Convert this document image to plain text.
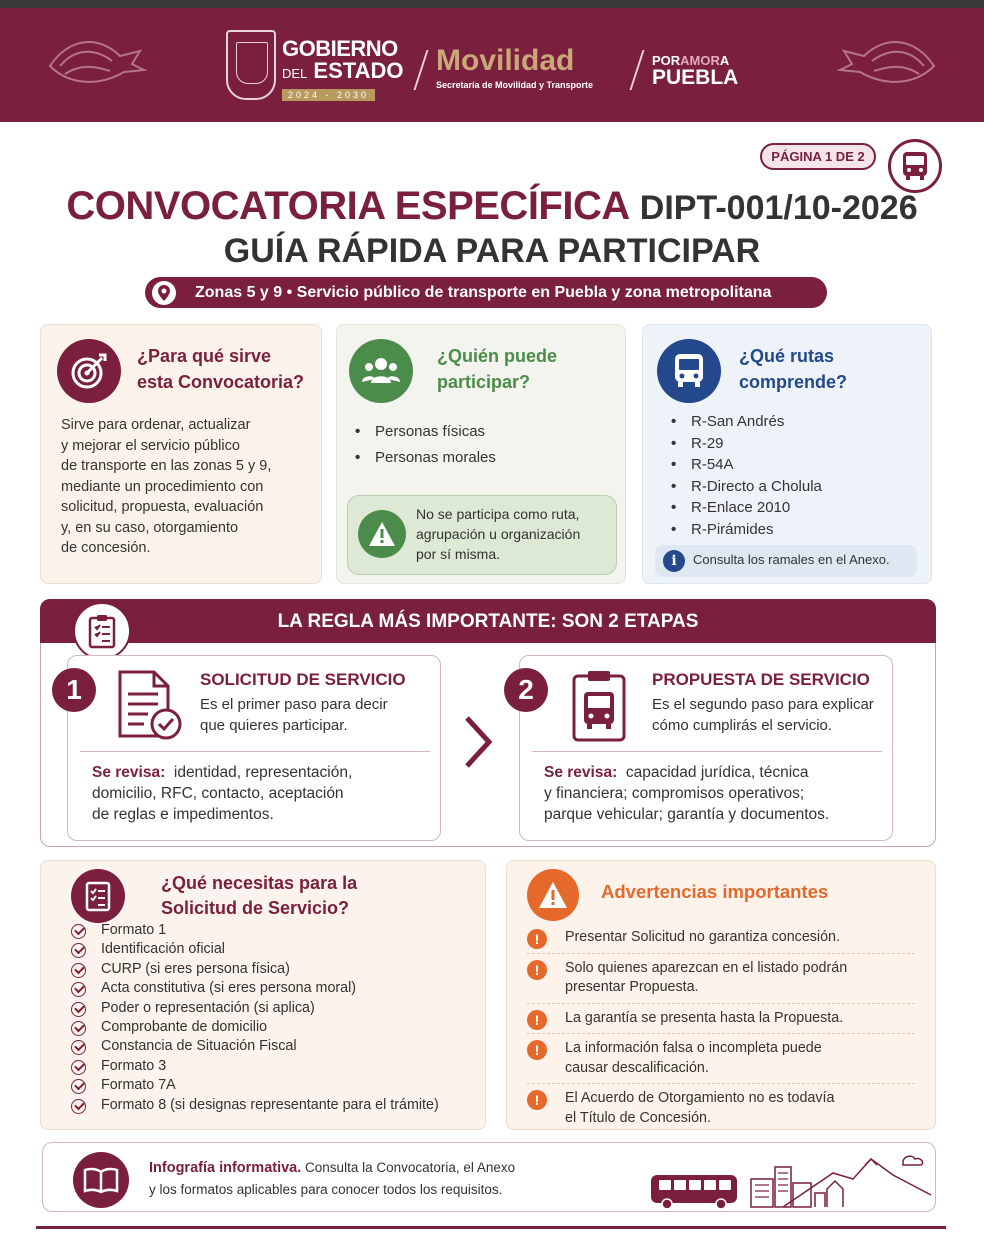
GOBIERNO
DEL ESTADO
2024 - 2030
Movilidad
Secretaría de Movilidad y Transporte
PORAMORA
PUEBLA
PÁGINA 1 DE 2
CONVOCATORIA ESPECÍFICA DIPT-001/10-2026
GUÍA RÁPIDA PARA PARTICIPAR
Zonas 5 y 9 • Servicio público de transporte en Puebla y zona metropolitana
¿Para qué sirve
esta Convocatoria?
Sirve para ordenar, actualizar
y mejorar el servicio público
de transporte en las zonas 5 y 9,
mediante un procedimiento con
solicitud, propuesta, evaluación
y, en su caso, otorgamiento
de concesión.
¿Quién puede
participar?
• Personas físicas
• Personas morales

No se participa como ruta,
agrupación u organización
por sí misma.

¿Qué rutas
comprende?
• R-San Andrés
• R-29
• R-54A
• R-Directo a Cholula
• R-Enlace 2010
• R-Pirámides
i	Consulta los ramales en el Anexo.

LA REGLA MÁS IMPORTANTE: SON 2 ETAPAS
1	SOLICITUD DE SERVICIO
Es el primer paso para decir
que quieres participar.
Se revisa: identidad, representación,
domicilio, RFC, contacto, aceptación
de reglas e impedimentos.
2	PROPUESTA DE SERVICIO
Es el segundo paso para explicar
cómo cumplirás el servicio.
Se revisa: capacidad jurídica, técnica
y financiera; compromisos operativos;
parque vehicular; garantía y documentos.
¿Qué necesitas para la
Solicitud de Servicio?
Formato 1
Identificación oficial
CURP (si eres persona física)
Acta constitutiva (si eres persona moral)
Poder o representación (si aplica)
Comprobante de domicilio
Constancia de Situación Fiscal
Formato 3
Formato 7A
Formato 8 (si designas representante para el trámite)
Advertencias importantes
!	Presentar Solicitud no garantiza concesión.
!	Solo quienes aparezcan en el listado podrán
presentar Propuesta.
!	La garantía se presenta hasta la Propuesta.
!	La información falsa o incompleta puede
causar descalificación.
!	El Acuerdo de Otorgamiento no es todavía
el Título de Concesión.

Infografía informativa. Consulta la Convocatoria, el Anexo
y los formatos aplicables para conocer todos los requisitos.
